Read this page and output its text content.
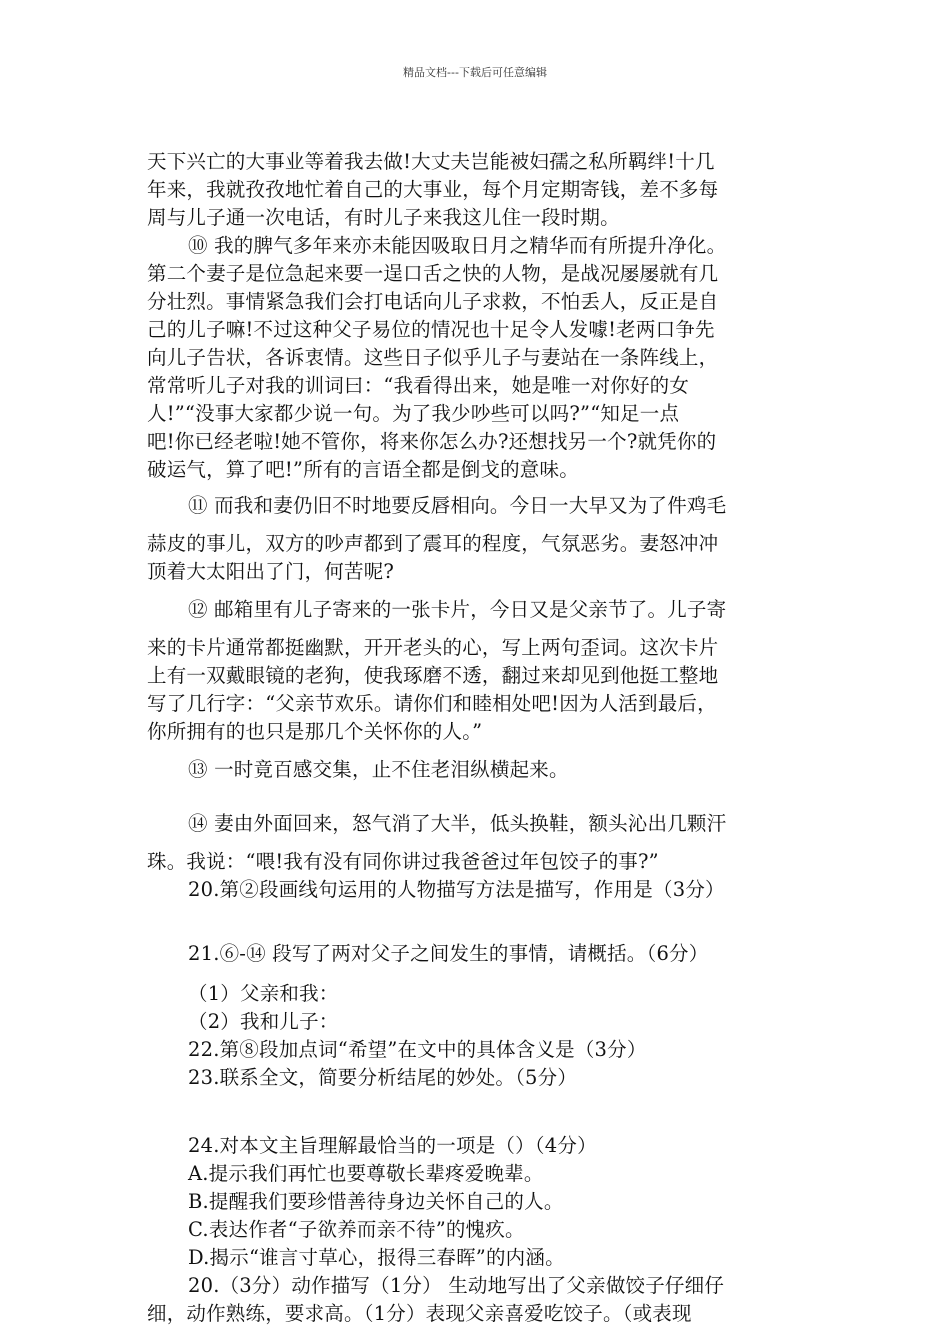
精品文档---下载后可任意编辑
天下兴亡的大事业等着我去做!大丈夫岂能被妇孺之私所羁绊!十几
年来，我就孜孜地忙着自己的大事业，每个月定期寄钱，差不多每
周与儿子通一次电话，有时儿子来我这儿住一段时期。
⑩ 我的脾气多年来亦未能因吸取日月之精华而有所提升净化。
第二个妻子是位急起来要一逞口舌之快的人物，是战况屡屡就有几
分壮烈。事情紧急我们会打电话向儿子求救，不怕丢人，反正是自
己的儿子嘛!不过这种父子易位的情况也十足令人发噱!老两口争先
向儿子告状，各诉衷情。这些日子似乎儿子与妻站在一条阵线上，
常常听儿子对我的训词曰：“我看得出来，她是唯一对你好的女
人!”“没事大家都少说一句。为了我少吵些可以吗?”“知足一点
吧!你已经老啦!她不管你，将来你怎么办?还想找另一个?就凭你的
破运气，算了吧!”所有的言语全都是倒戈的意味。
⑪ 而我和妻仍旧不时地要反唇相向。今日一大早又为了件鸡毛
蒜皮的事儿，双方的吵声都到了震耳的程度，气氛恶劣。妻怒冲冲
顶着大太阳出了门，何苦呢?
⑫ 邮箱里有儿子寄来的一张卡片，今日又是父亲节了。儿子寄
来的卡片通常都挺幽默，开开老头的心，写上两句歪词。这次卡片
上有一双戴眼镜的老狗，使我琢磨不透，翻过来却见到他挺工整地
写了几行字：“父亲节欢乐。请你们和睦相处吧!因为人活到最后，
你所拥有的也只是那几个关怀你的人。”
⑬ 一时竟百感交集，止不住老泪纵横起来。
⑭ 妻由外面回来，怒气消了大半，低头换鞋，额头沁出几颗汗
珠。我说：“喂!我有没有同你讲过我爸爸过年包饺子的事?”
20.第②段画线句运用的人物描写方法是描写，作用是（3分）
21.⑥-⑭ 段写了两对父子之间发生的事情，请概括。（6分）
（1）父亲和我：
（2）我和儿子：
22.第⑧段加点词“希望”在文中的具体含义是（3分）
23.联系全文，简要分析结尾的妙处。（5分）
24.对本文主旨理解最恰当的一项是（）（4分）
A.提示我们再忙也要尊敬长辈疼爱晚辈。
B.提醒我们要珍惜善待身边关怀自己的人。
C.表达作者“子欲养而亲不待”的愧疚。
D.揭示“谁言寸草心，报得三春晖”的内涵。
20.（3分）动作描写（1分） 生动地写出了父亲做饺子仔细仔
细，动作熟练，要求高。（1分）表现父亲喜爱吃饺子。（或表现
